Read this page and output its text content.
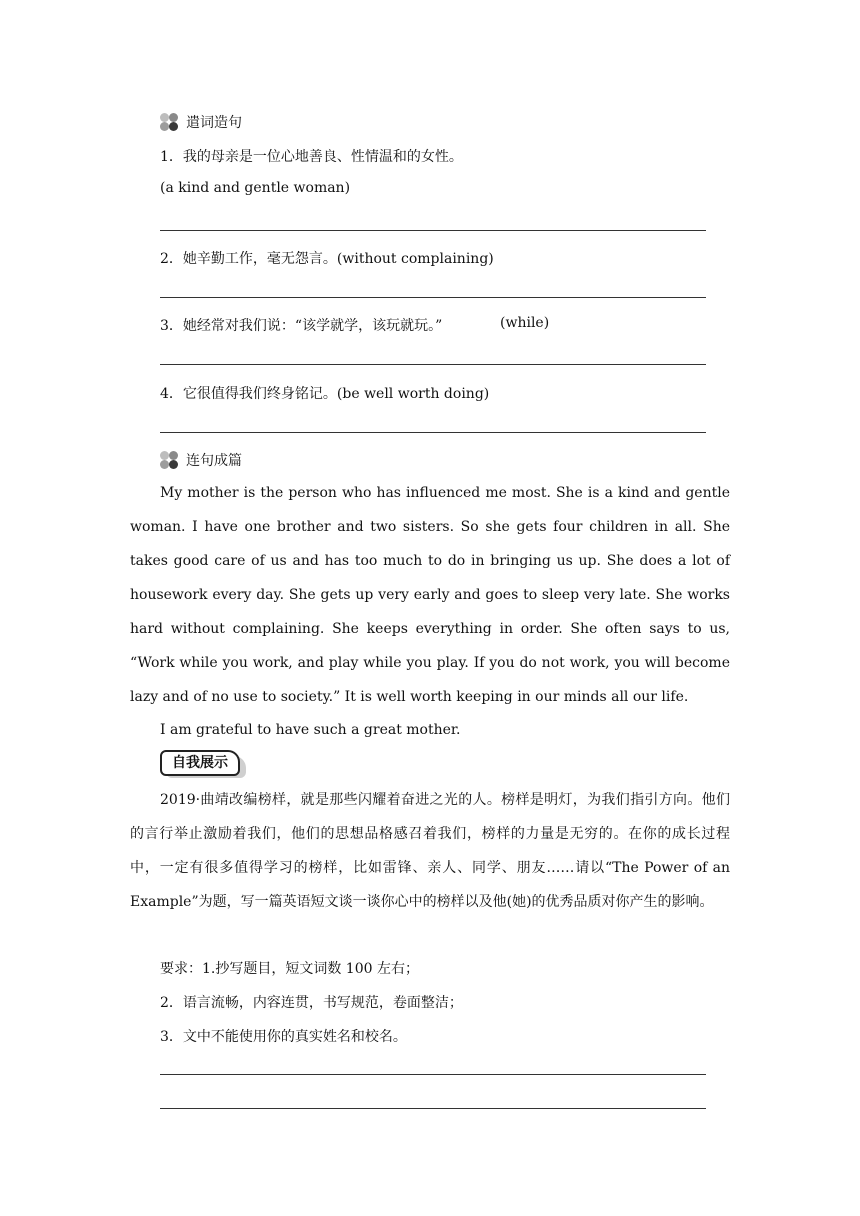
遣词造句
1．我的母亲是一位心地善良、性情温和的女性。
(a kind and gentle woman)
2．她辛勤工作，毫无怨言。(without complaining)
3．她经常对我们说：“该学就学，该玩就玩。”	(while)
4．它很值得我们终身铭记。(be well worth doing)
连句成篇
My mother is the person who has influenced me most. She is a kind and gentle woman. I have one brother and two sisters. So she gets four children in all. She takes good care of us and has too much to do in bringing us up. She does a lot of housework every day. She gets up very early and goes to sleep very late. She works hard without complaining. She keeps everything in order. She often says to us, “Work while you work, and play while you play. If you do not work, you will become lazy and of no use to society.” It is well worth keeping in our minds all our life.
I am grateful to have such a great mother.
自我展示
2019·曲靖改编榜样，就是那些闪耀着奋进之光的人。榜样是明灯，为我们指引方向。他们的言行举止激励着我们，他们的思想品格感召着我们，榜样的力量是无穷的。在你的成长过程中，一定有很多值得学习的榜样，比如雷锋、亲人、同学、朋友……请以“The Power of an Example”为题，写一篇英语短文谈一谈你心中的榜样以及他(她)的优秀品质对你产生的影响。
要求：1.抄写题目，短文词数 100 左右；
2．语言流畅，内容连贯，书写规范，卷面整洁；
3．文中不能使用你的真实姓名和校名。
